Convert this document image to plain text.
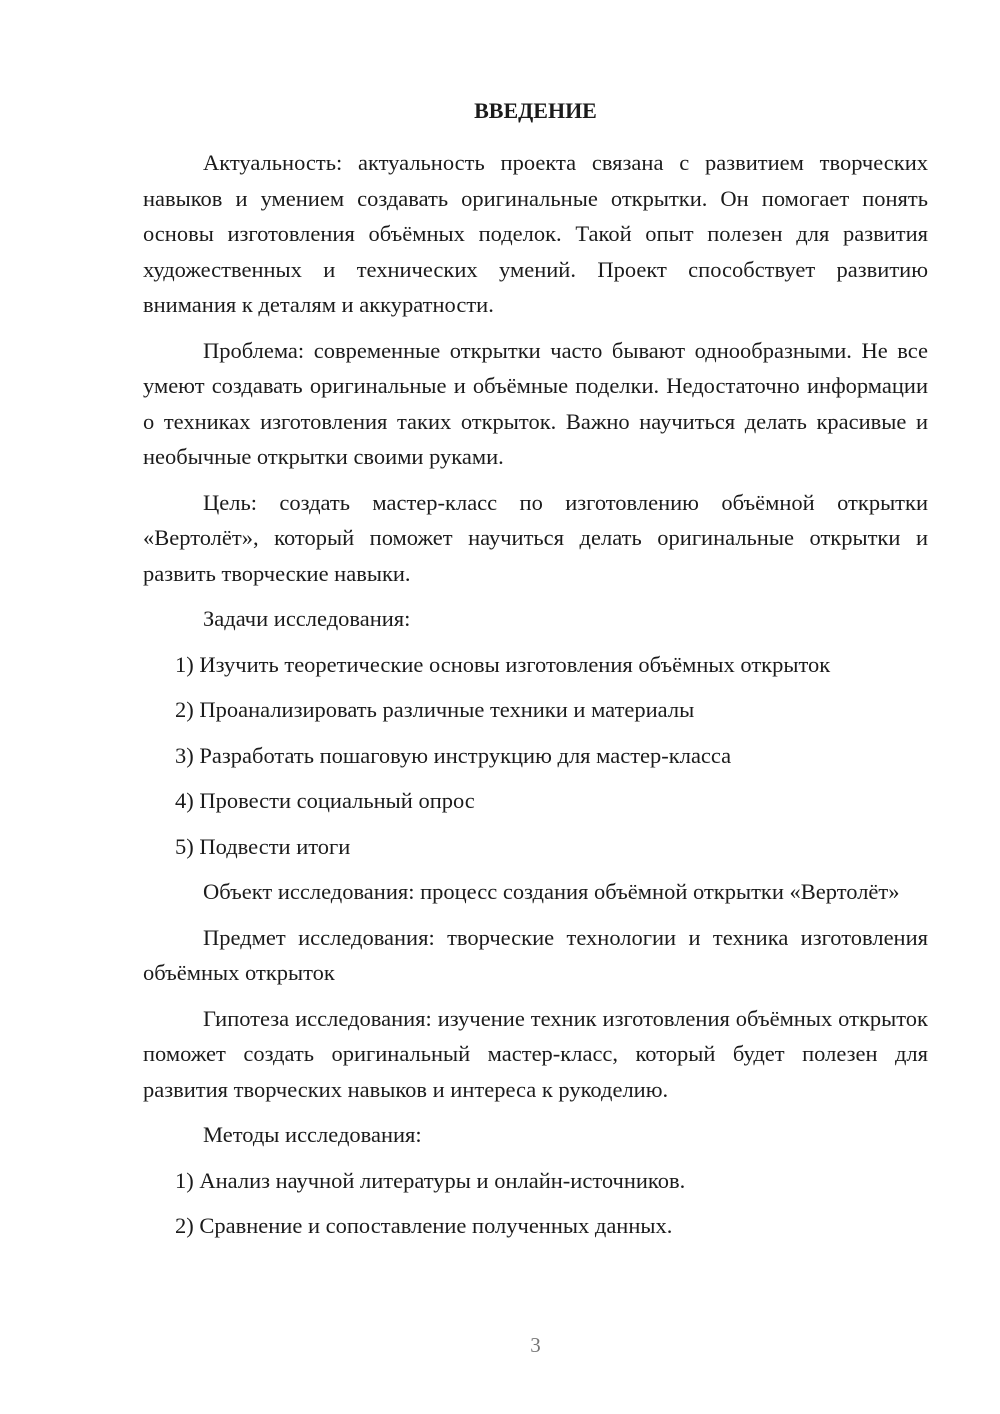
ВВЕДЕНИЕ

Актуальность: актуальность проекта связана с развитием творческих навыков и умением создавать оригинальные открытки. Он помогает понять основы изготовления объёмных поделок. Такой опыт полезен для развития художественных и технических умений. Проект способствует развитию внимания к деталям и аккуратности.

Проблема: современные открытки часто бывают однообразными. Не все умеют создавать оригинальные и объёмные поделки. Недостаточно информации о техниках изготовления таких открыток. Важно научиться делать красивые и необычные открытки своими руками.

Цель: создать мастер-класс по изготовлению объёмной открытки «Вертолёт», который поможет научиться делать оригинальные открытки и развить творческие навыки.

Задачи исследования:

1) Изучить теоретические основы изготовления объёмных открыток
2) Проанализировать различные техники и материалы
3) Разработать пошаговую инструкцию для мастер-класса
4) Провести социальный опрос
5) Подвести итоги

Объект исследования: процесс создания объёмной открытки «Вертолёт»

Предмет исследования: творческие технологии и техника изготовления объёмных открыток

Гипотеза исследования: изучение техник изготовления объёмных открыток поможет создать оригинальный мастер-класс, который будет полезен для развития творческих навыков и интереса к рукоделию.

Методы исследования:

1) Анализ научной литературы и онлайн-источников.
2) Сравнение и сопоставление полученных данных.

3
